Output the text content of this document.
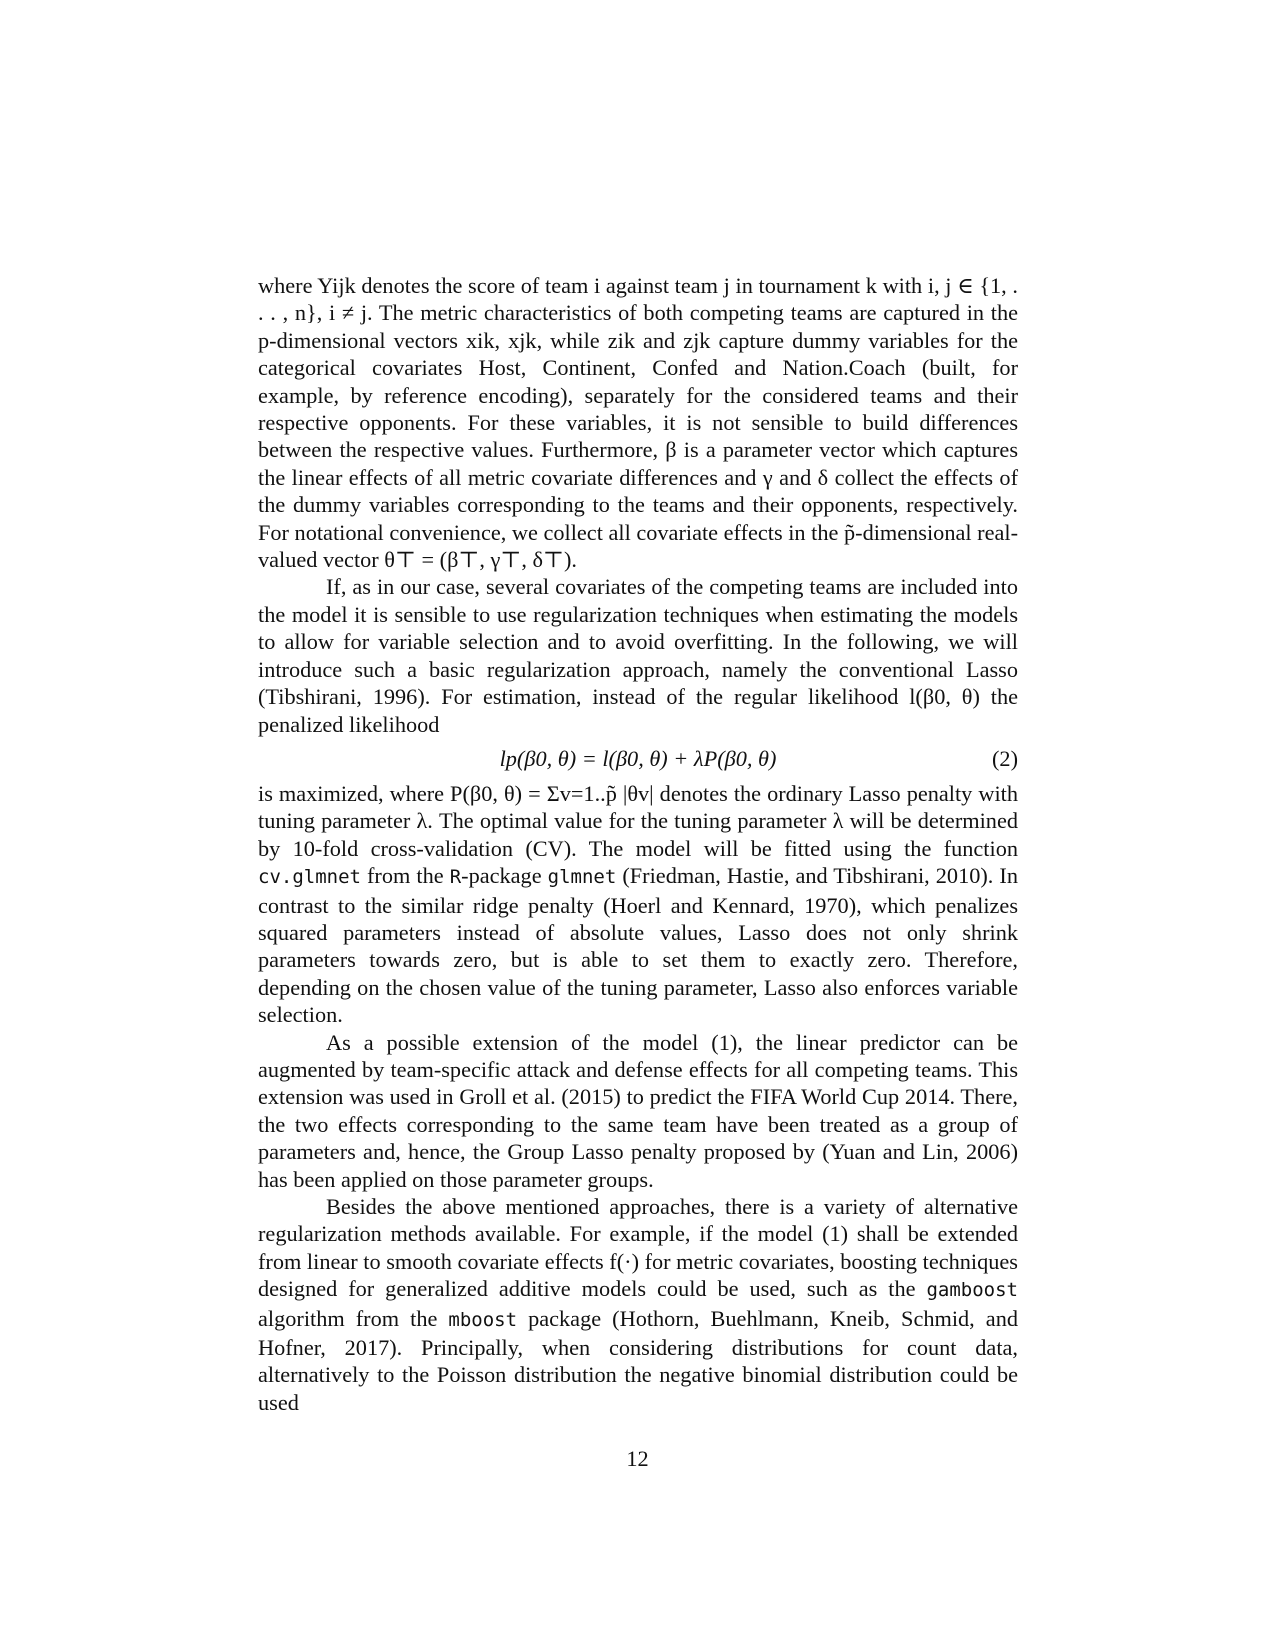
where Yijk denotes the score of team i against team j in tournament k with i, j ∈ {1, . . . , n}, i ≠ j. The metric characteristics of both competing teams are captured in the p-dimensional vectors xik, xjk, while zik and zjk capture dummy variables for the categorical covariates Host, Continent, Confed and Nation.Coach (built, for example, by reference encoding), separately for the considered teams and their respective opponents. For these variables, it is not sensible to build differences between the respective values. Furthermore, β is a parameter vector which captures the linear effects of all metric covariate differences and γ and δ collect the effects of the dummy variables corresponding to the teams and their opponents, respectively. For notational convenience, we collect all covariate effects in the p̃-dimensional real-valued vector θ⊤ = (β⊤, γ⊤, δ⊤).

If, as in our case, several covariates of the competing teams are included into the model it is sensible to use regularization techniques when estimating the models to allow for variable selection and to avoid overfitting. In the following, we will introduce such a basic regularization approach, namely the conventional Lasso (Tibshirani, 1996). For estimation, instead of the regular likelihood l(β0, θ) the penalized likelihood

lp(β0, θ) = l(β0, θ) + λP(β0, θ)	(2)

is maximized, where P(β0, θ) = Σv=1..p̃ |θv| denotes the ordinary Lasso penalty with tuning parameter λ. The optimal value for the tuning parameter λ will be determined by 10-fold cross-validation (CV). The model will be fitted using the function cv.glmnet from the R-package glmnet (Friedman, Hastie, and Tibshirani, 2010). In contrast to the similar ridge penalty (Hoerl and Kennard, 1970), which penalizes squared parameters instead of absolute values, Lasso does not only shrink parameters towards zero, but is able to set them to exactly zero. Therefore, depending on the chosen value of the tuning parameter, Lasso also enforces variable selection.

As a possible extension of the model (1), the linear predictor can be augmented by team-specific attack and defense effects for all competing teams. This extension was used in Groll et al. (2015) to predict the FIFA World Cup 2014. There, the two effects corresponding to the same team have been treated as a group of parameters and, hence, the Group Lasso penalty proposed by (Yuan and Lin, 2006) has been applied on those parameter groups.

Besides the above mentioned approaches, there is a variety of alternative regularization methods available. For example, if the model (1) shall be extended from linear to smooth covariate effects f(·) for metric covariates, boosting techniques designed for generalized additive models could be used, such as the gamboost algorithm from the mboost package (Hothorn, Buehlmann, Kneib, Schmid, and Hofner, 2017). Principally, when considering distributions for count data, alternatively to the Poisson distribution the negative binomial distribution could be used

12
